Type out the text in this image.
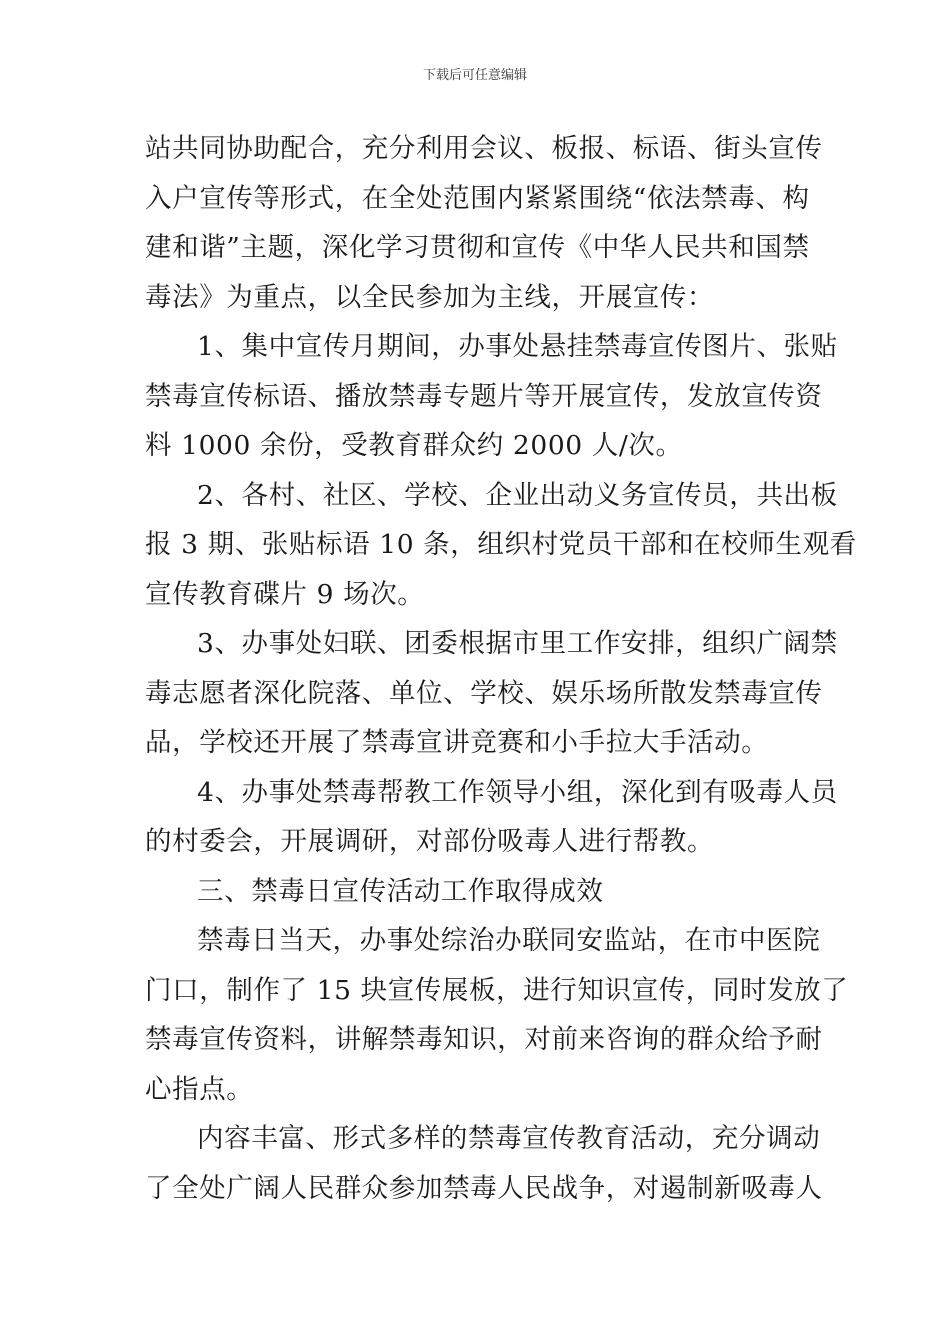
下载后可任意编辑
站共同协助配合，充分利用会议、板报、标语、街头宣传
入户宣传等形式，在全处范围内紧紧围绕“依法禁毒、构
建和谐”主题，深化学习贯彻和宣传《中华人民共和国禁
毒法》为重点，以全民参加为主线，开展宣传：
1、集中宣传月期间，办事处悬挂禁毒宣传图片、张贴
禁毒宣传标语、播放禁毒专题片等开展宣传，发放宣传资
料 1000 余份，受教育群众约 2000 人/次。
2、各村、社区、学校、企业出动义务宣传员，共出板
报 3 期、张贴标语 10 条，组织村党员干部和在校师生观看
宣传教育碟片 9 场次。
3、办事处妇联、团委根据市里工作安排，组织广阔禁
毒志愿者深化院落、单位、学校、娱乐场所散发禁毒宣传
品，学校还开展了禁毒宣讲竞赛和小手拉大手活动。
4、办事处禁毒帮教工作领导小组，深化到有吸毒人员
的村委会，开展调研，对部份吸毒人进行帮教。
三、禁毒日宣传活动工作取得成效
禁毒日当天，办事处综治办联同安监站，在市中医院
门口，制作了 15 块宣传展板，进行知识宣传，同时发放了
禁毒宣传资料，讲解禁毒知识，对前来咨询的群众给予耐
心指点。
内容丰富、形式多样的禁毒宣传教育活动，充分调动
了全处广阔人民群众参加禁毒人民战争，对遏制新吸毒人
